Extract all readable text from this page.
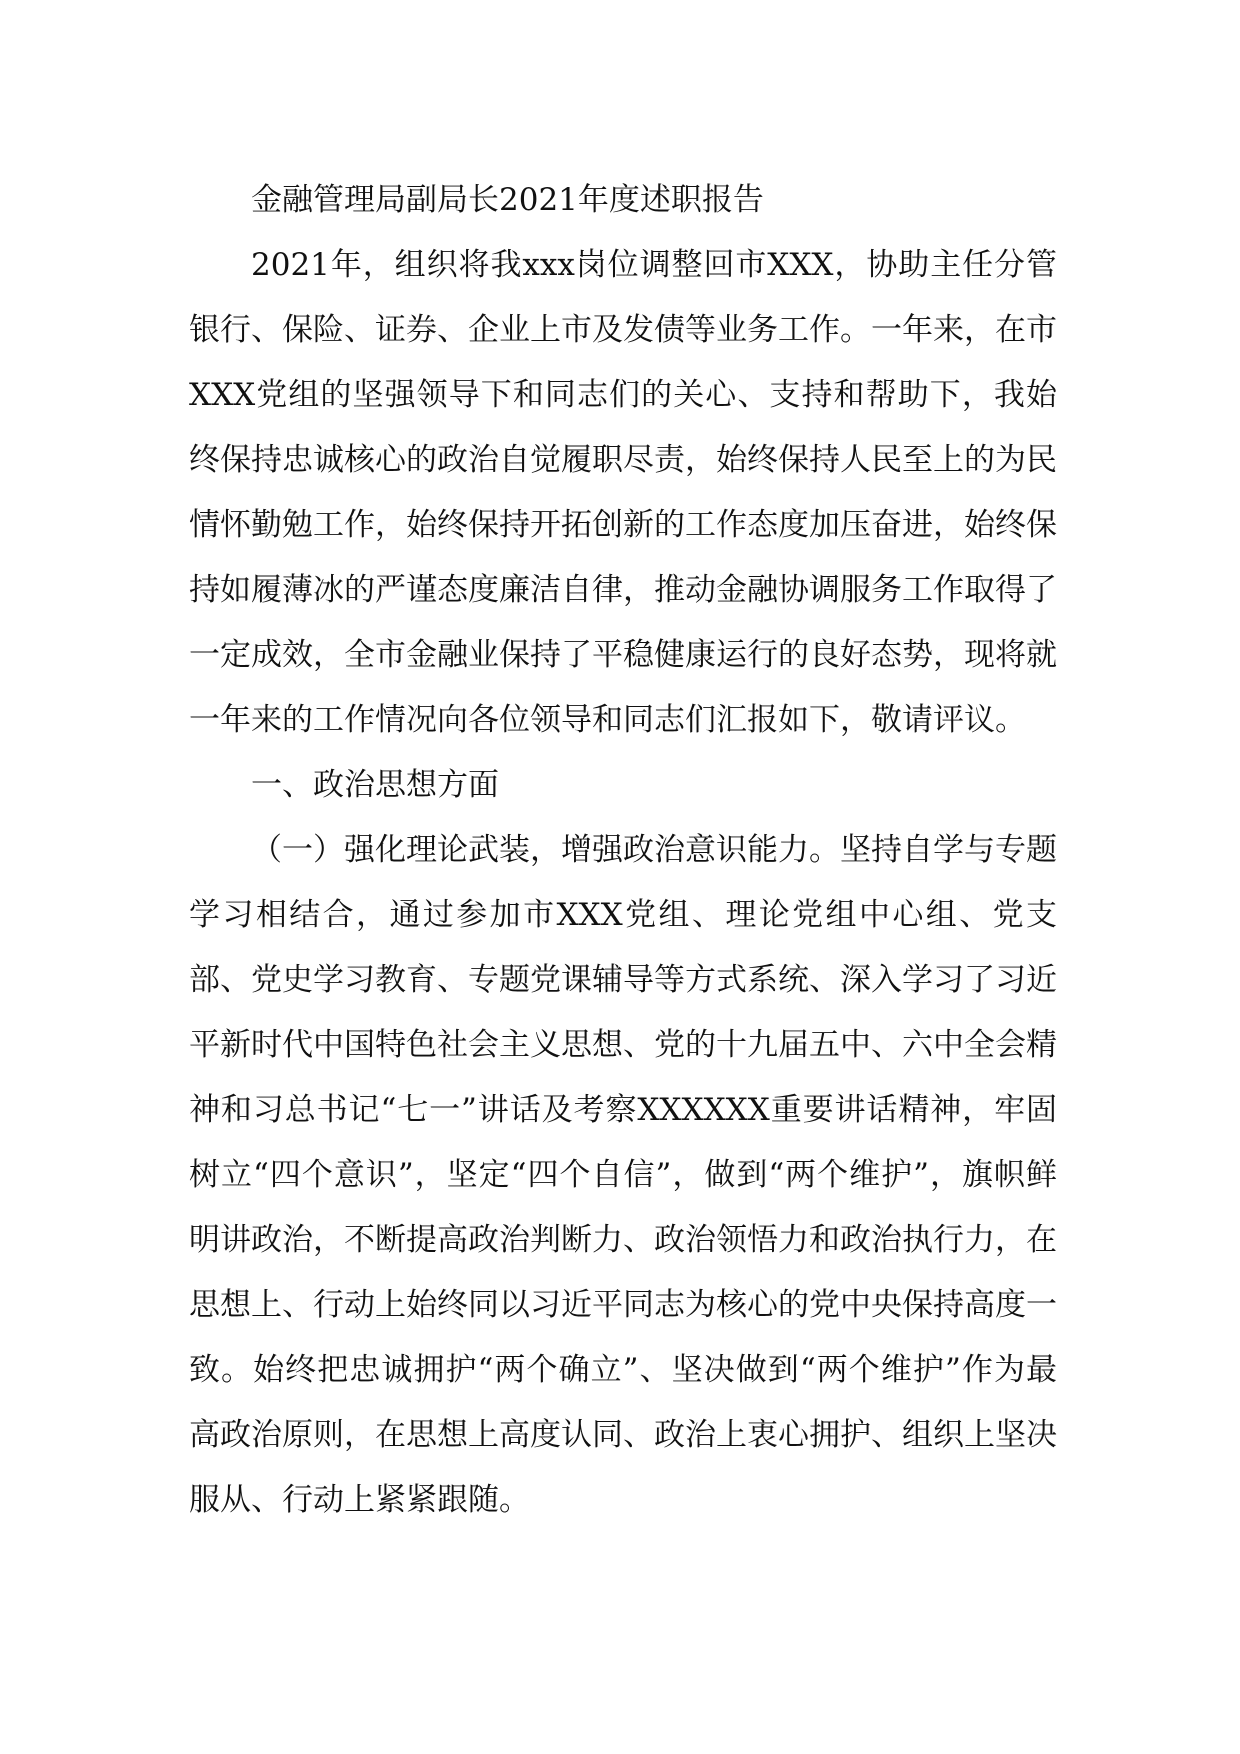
金融管理局副局长2021年度述职报告

2021年，组织将我xxx岗位调整回市XXX，协助主任分管银行、保险、证券、企业上市及发债等业务工作。一年来，在市XXX党组的坚强领导下和同志们的关心、支持和帮助下，我始终保持忠诚核心的政治自觉履职尽责，始终保持人民至上的为民情怀勤勉工作，始终保持开拓创新的工作态度加压奋进，始终保持如履薄冰的严谨态度廉洁自律，推动金融协调服务工作取得了一定成效，全市金融业保持了平稳健康运行的良好态势，现将就一年来的工作情况向各位领导和同志们汇报如下，敬请评议。

一、政治思想方面

（一）强化理论武装，增强政治意识能力。坚持自学与专题学习相结合，通过参加市XXX党组、理论党组中心组、党支部、党史学习教育、专题党课辅导等方式系统、深入学习了习近平新时代中国特色社会主义思想、党的十九届五中、六中全会精神和习总书记“七一”讲话及考察XXXXXX重要讲话精神，牢固树立“四个意识”，坚定“四个自信”，做到“两个维护”，旗帜鲜明讲政治，不断提高政治判断力、政治领悟力和政治执行力，在思想上、行动上始终同以习近平同志为核心的党中央保持高度一致。始终把忠诚拥护“两个确立”、坚决做到“两个维护”作为最高政治原则，在思想上高度认同、政治上衷心拥护、组织上坚决服从、行动上紧紧跟随。
